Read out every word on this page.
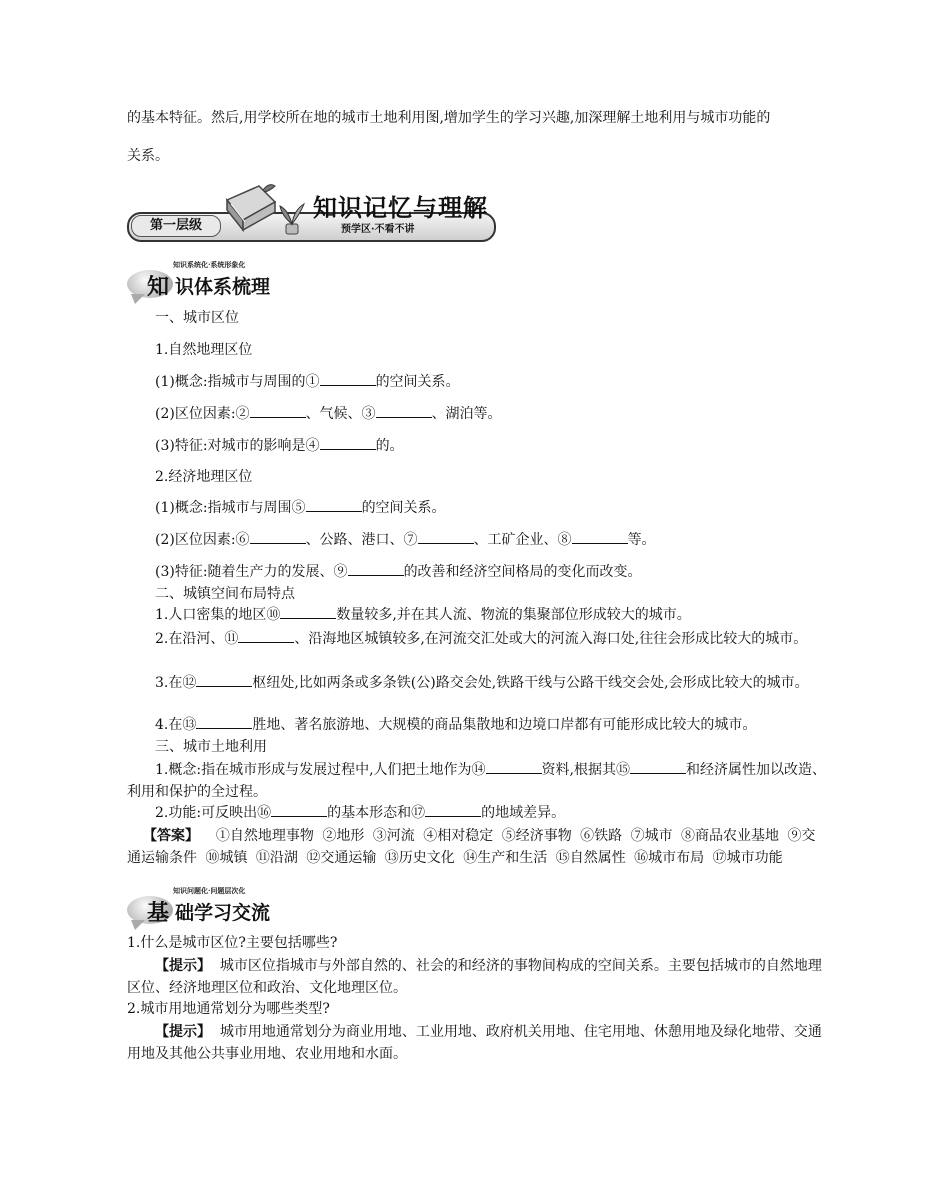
的基本特征。然后,用学校所在地的城市土地利用图,增加学生的学习兴趣,加深理解土地利用与城市功能的

关系。

第一层级
知识记忆与理解
预学区·不看不讲
知识系统化·系统形象化
知 识体系梳理

一、城市区位

1.自然地理区位

(1)概念:指城市与周围的①	的空间关系。

(2)区位因素:②	、气候、③	、湖泊等。

(3)特征:对城市的影响是④	的。

2.经济地理区位

(1)概念:指城市与周围⑤	的空间关系。

(2)区位因素:⑥	、公路、港口、⑦	、工矿企业、⑧	等。

(3)特征:随着生产力的发展、⑨	的改善和经济空间格局的变化而改变。

二、城镇空间布局特点

1.人口密集的地区⑩	数量较多,并在其人流、物流的集聚部位形成较大的城市。

2.在沿河、⑪	、沿海地区城镇较多,在河流交汇处或大的河流入海口处,往往会形成比较大的城市。

3.在⑫	枢纽处,比如两条或多条铁(公)路交会处,铁路干线与公路干线交会处,会形成比较大的城市。

4.在⑬	胜地、著名旅游地、大规模的商品集散地和边境口岸都有可能形成比较大的城市。

三、城市土地利用

1.概念:指在城市形成与发展过程中,人们把土地作为⑭	资料,根据其⑮	和经济属性加以改造、利用和保护的全过程。

2.功能:可反映出⑯	的基本形态和⑰	的地域差异。

【答案】 ①自然地理事物 ②地形 ③河流 ④相对稳定 ⑤经济事物 ⑥铁路 ⑦城市 ⑧商品农业基地 ⑨交通运输条件 ⑩城镇 ⑪沿湖 ⑫交通运输 ⑬历史文化 ⑭生产和生活 ⑮自然属性 ⑯城市布局 ⑰城市功能

知识问题化·问题层次化
基 础学习交流

1.什么是城市区位?主要包括哪些?

【提示】 城市区位指城市与外部自然的、社会的和经济的事物间构成的空间关系。主要包括城市的自然地理区位、经济地理区位和政治、文化地理区位。

2.城市用地通常划分为哪些类型?

【提示】 城市用地通常划分为商业用地、工业用地、政府机关用地、住宅用地、休憩用地及绿化地带、交通用地及其他公共事业用地、农业用地和水面。
